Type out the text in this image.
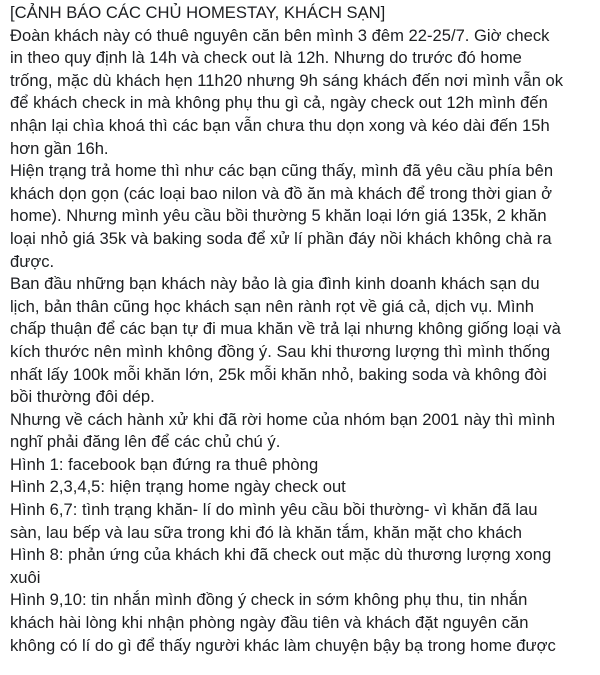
[CẢNH BÁO CÁC CHỦ HOMESTAY, KHÁCH SẠN]

Đoàn khách này có thuê nguyên căn bên mình 3 đêm 22-25/7. Giờ check
in theo quy định là 14h và check out là 12h. Nhưng do trước đó home
trống, mặc dù khách hẹn 11h20 nhưng 9h sáng khách đến nơi mình vẫn ok
để khách check in mà không phụ thu gì cả, ngày check out 12h mình đến
nhận lại chìa khoá thì các bạn vẫn chưa thu dọn xong và kéo dài đến 15h
hơn gần 16h.

Hiện trạng trả home thì như các bạn cũng thấy, mình đã yêu cầu phía bên
khách dọn gọn (các loại bao nilon và đồ ăn mà khách để trong thời gian ở
home). Nhưng mình yêu cầu bồi thường 5 khăn loại lớn giá 135k, 2 khăn
loại nhỏ giá 35k và baking soda để xử lí phần đáy nồi khách không chà ra
được.

Ban đầu những bạn khách này bảo là gia đình kinh doanh khách sạn du
lịch, bản thân cũng học khách sạn nên rành rọt về giá cả, dịch vụ. Mình
chấp thuận để các bạn tự đi mua khăn về trả lại nhưng không giống loại và
kích thước nên mình không đồng ý. Sau khi thương lượng thì mình thống
nhất lấy 100k mỗi khăn lớn, 25k mỗi khăn nhỏ, baking soda và không đòi
bồi thường đôi dép.

Nhưng về cách hành xử khi đã rời home của nhóm bạn 2001 này thì mình
nghĩ phải đăng lên để các chủ chú ý.

Hình 1: facebook bạn đứng ra thuê phòng

Hình 2,3,4,5: hiện trạng home ngày check out

Hình 6,7: tình trạng khăn- lí do mình yêu cầu bồi thường- vì khăn đã lau
sàn, lau bếp và lau sữa trong khi đó là khăn tắm, khăn mặt cho khách

Hình 8: phản ứng của khách khi đã check out mặc dù thương lượng xong
xuôi

Hình 9,10: tin nhắn mình đồng ý check in sớm không phụ thu, tin nhắn
khách hài lòng khi nhận phòng ngày đầu tiên và khách đặt nguyên căn
không có lí do gì để thấy người khác làm chuyện bậy bạ trong home được
